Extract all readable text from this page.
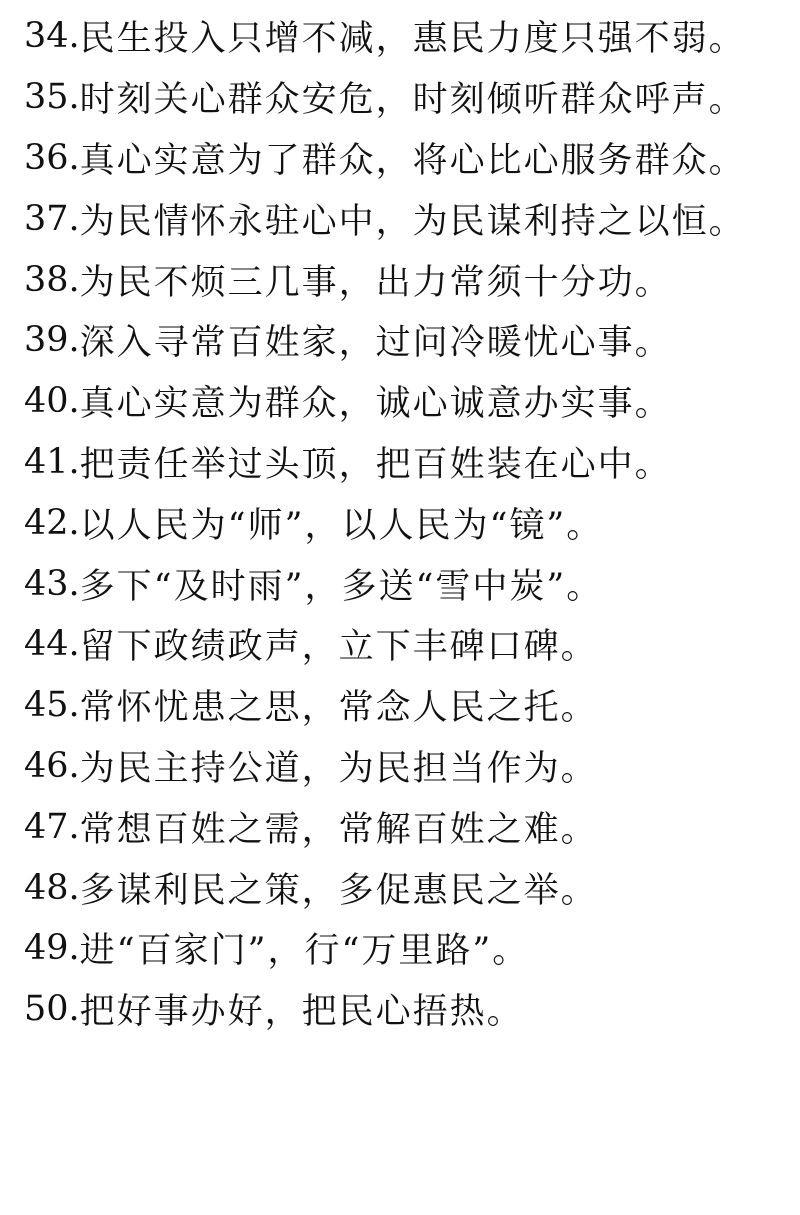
34. 民生投入只增不减，惠民力度只强不弱。
35. 时刻关心群众安危，时刻倾听群众呼声。
36. 真心实意为了群众，将心比心服务群众。
37. 为民情怀永驻心中，为民谋利持之以恒。
38. 为民不烦三几事，出力常须十分功。
39. 深入寻常百姓家，过问冷暖忧心事。
40. 真心实意为群众，诚心诚意办实事。
41. 把责任举过头顶，把百姓装在心中。
42. 以人民为“师”，以人民为“镜”。
43. 多下“及时雨”，多送“雪中炭”。
44. 留下政绩政声，立下丰碑口碑。
45. 常怀忧患之思，常念人民之托。
46. 为民主持公道，为民担当作为。
47. 常想百姓之需，常解百姓之难。
48. 多谋利民之策，多促惠民之举。
49. 进“百家门”，行“万里路”。
50. 把好事办好，把民心捂热。
